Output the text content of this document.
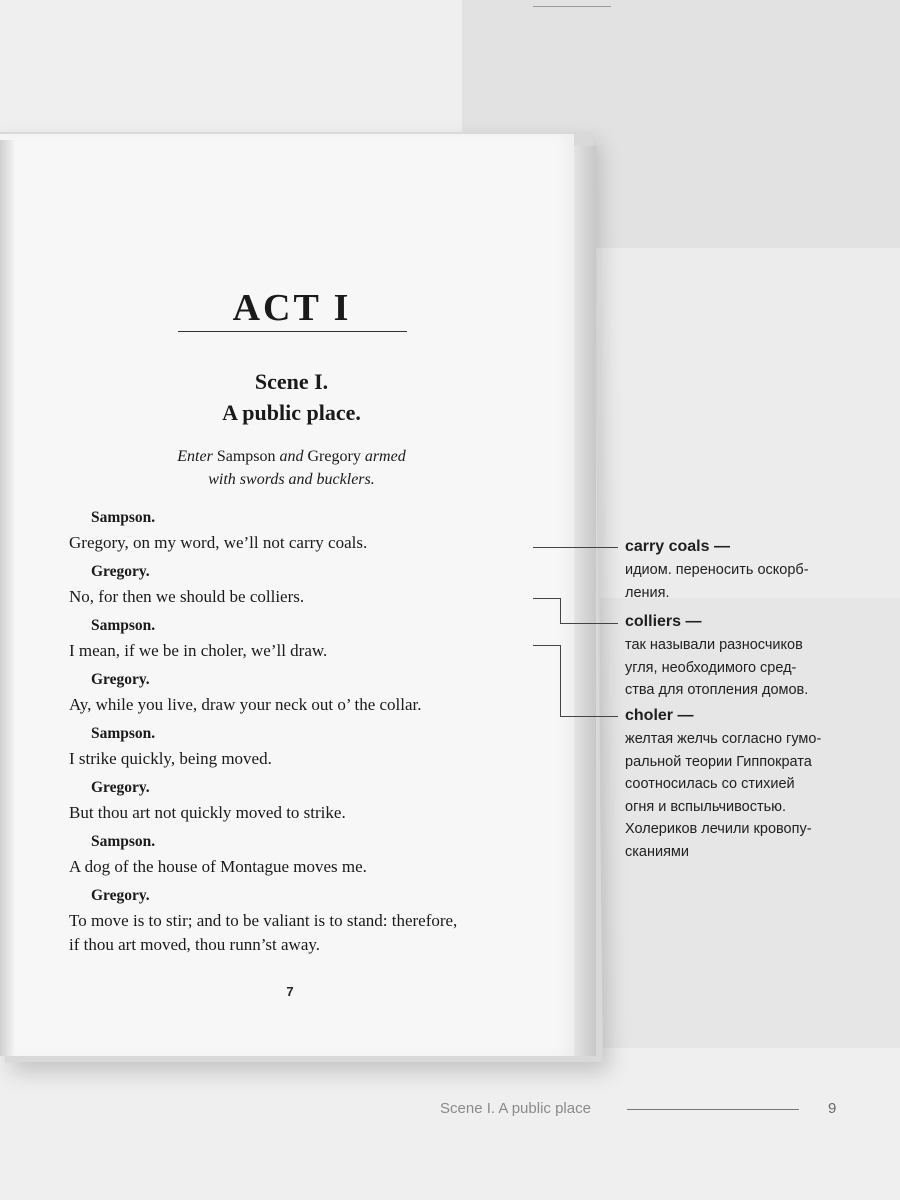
ACT I
Scene I.
A public place.
Enter Sampson and Gregory armed
with swords and bucklers.
Sampson.
Gregory, on my word, we’ll not carry coals.
Gregory.
No, for then we should be colliers.
Sampson.
I mean, if we be in choler, we’ll draw.
Gregory.
Ay, while you live, draw your neck out o’ the collar.
Sampson.
I strike quickly, being moved.
Gregory.
But thou art not quickly moved to strike.
Sampson.
A dog of the house of Montague moves me.
Gregory.
To move is to stir; and to be valiant is to stand: therefore,
if thou art moved, thou runn’st away.
7
carry coals —
идиом. переносить оскорб-
ления.
colliers —
так называли разносчиков
угля, необходимого сред-
ства для отопления домов.
choler —
желтая желчь согласно гумо-
ральной теории Гиппократа
соотносилась со стихией
огня и вспыльчивостью.
Холериков лечили кровопу-
сканиями
Scene I. A public place	9
